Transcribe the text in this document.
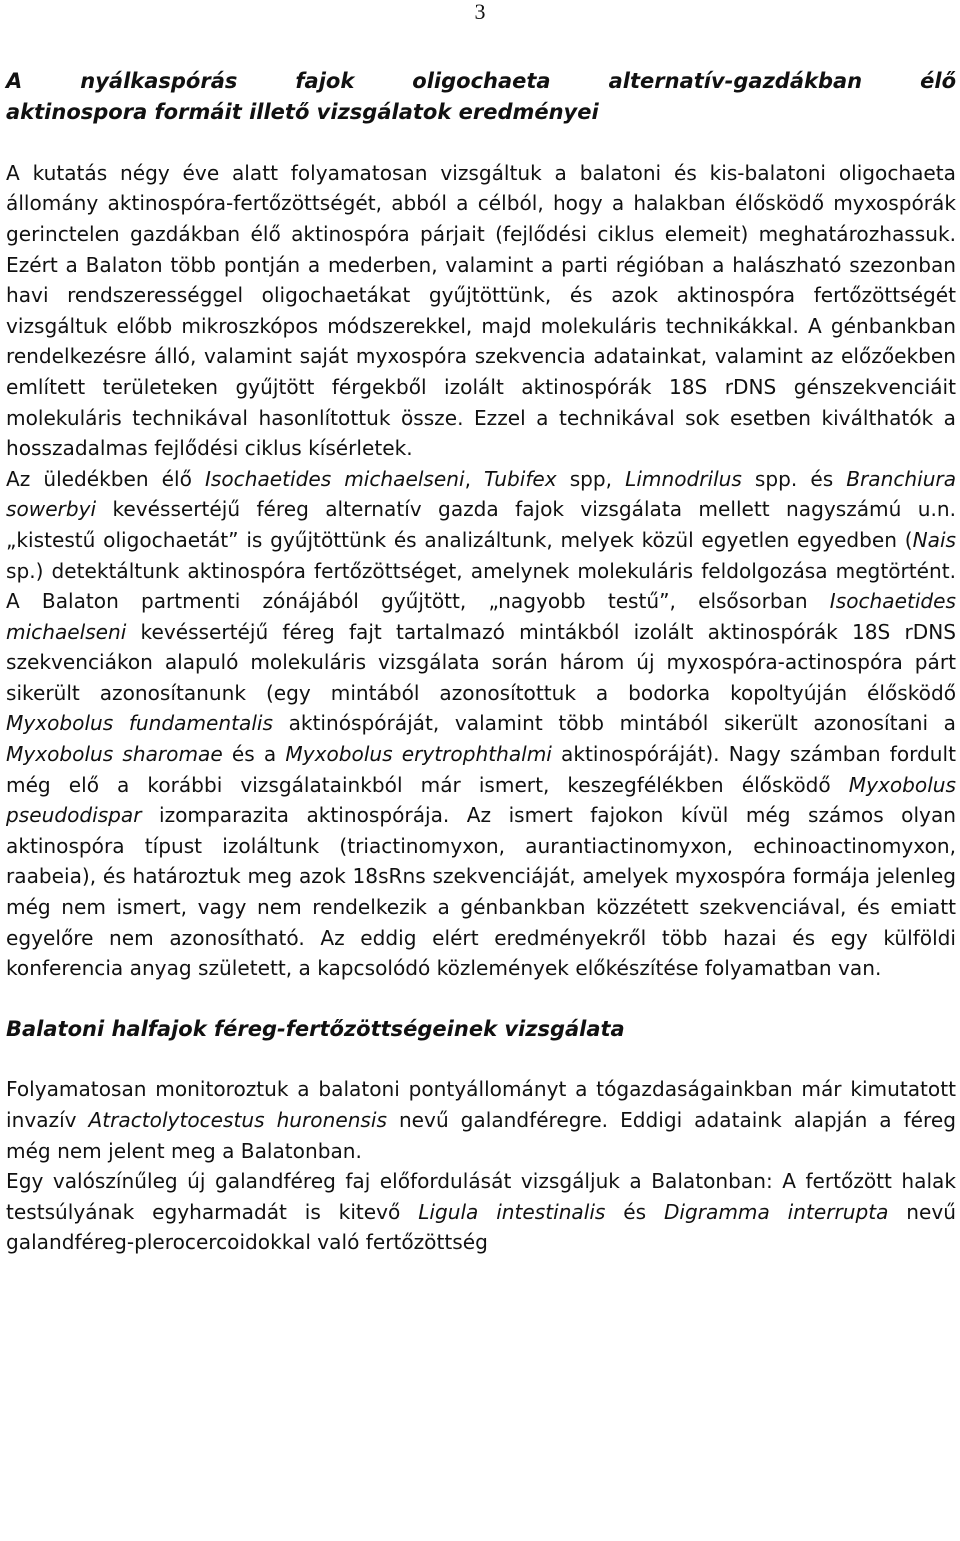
3
A nyálkaspórás fajok oligochaeta alternatív-gazdákban élő
aktinospora formáit illető vizsgálatok eredményei

A kutatás négy éve alatt folyamatosan vizsgáltuk a balatoni és kis-balatoni oligochaeta állomány aktinospóra-fertőzöttségét, abból a célból, hogy a halakban élősködő myxospórák gerinctelen gazdákban élő aktinospóra párjait (fejlődési ciklus elemeit) meghatározhassuk. Ezért a Balaton több pontján a mederben, valamint a parti régióban a halászható szezonban havi rendszerességgel oligochaetákat gyűjtöttünk, és azok aktinospóra fertőzöttségét vizsgáltuk előbb mikroszkópos módszerekkel, majd molekuláris technikákkal. A génbankban rendelkezésre álló, valamint saját myxospóra szekvencia adatainkat, valamint az előzőekben említett területeken gyűjtött férgekből izolált aktinospórák 18S rDNS génszekvenciáit molekuláris technikával hasonlítottuk össze. Ezzel a technikával sok esetben kiválthatók a hosszadalmas fejlődési ciklus kísérletek.

Az üledékben élő Isochaetides michaelseni, Tubifex spp, Limnodrilus spp. és Branchiura sowerbyi kevéssertéjű féreg alternatív gazda fajok vizsgálata mellett nagyszámú u.n. „kistestű oligochaetát” is gyűjtöttünk és analizáltunk, melyek közül egyetlen egyedben (Nais sp.) detektáltunk aktinospóra fertőzöttséget, amelynek molekuláris feldolgozása megtörtént. A Balaton partmenti zónájából gyűjtött, „nagyobb testű”, elsősorban Isochaetides michaelseni kevéssertéjű féreg fajt tartalmazó mintákból izolált aktinospórák 18S rDNS szekvenciákon alapuló molekuláris vizsgálata során három új myxospóra-actinospóra párt sikerült azonosítanunk (egy mintából azonosítottuk a bodorka kopoltyúján élősködő Myxobolus fundamentalis aktinóspóráját, valamint több mintából sikerült azonosítani a Myxobolus sharomae és a Myxobolus erytrophthalmi aktinospóráját). Nagy számban fordult még elő a korábbi vizsgálatainkból már ismert, keszegfélékben élősködő Myxobolus pseudodispar izomparazita aktinospórája. Az ismert fajokon kívül még számos olyan aktinospóra típust izoláltunk (triactinomyxon, aurantiactinomyxon, echinoactinomyxon, raabeia), és határoztuk meg azok 18sRns szekvenciáját, amelyek myxospóra formája jelenleg még nem ismert, vagy nem rendelkezik a génbankban közzétett szekvenciával, és emiatt egyelőre nem azonosítható. Az eddig elért eredményekről több hazai és egy külföldi konferencia anyag született, a kapcsolódó közlemények előkészítése folyamatban van.

Balatoni halfajok féreg-fertőzöttségeinek vizsgálata

Folyamatosan monitoroztuk a balatoni pontyállományt a tógazdaságainkban már kimutatott invazív Atractolytocestus huronensis nevű galandféregre. Eddigi adataink alapján a féreg még nem jelent meg a Balatonban.

Egy valószínűleg új galandféreg faj előfordulását vizsgáljuk a Balatonban: A fertőzött halak testsúlyának egyharmadát is kitevő Ligula intestinalis és Digramma interrupta nevű galandféreg-plerocercoidokkal való fertőzöttség
